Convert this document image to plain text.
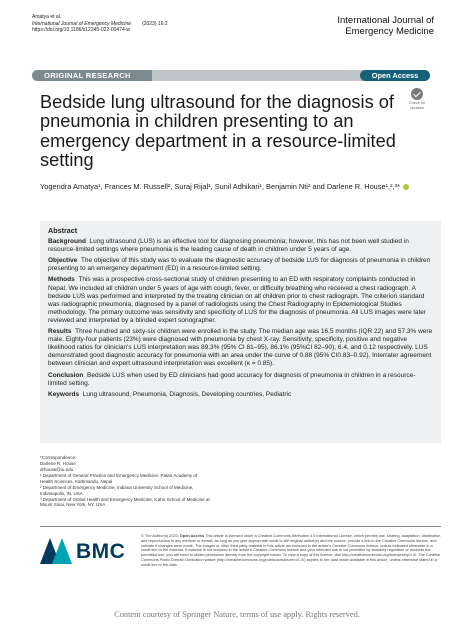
Amatya et al.
International Journal of Emergency Medicine (2023) 16:2
https://doi.org/10.1186/s12245-022-00474-w
International Journal of
Emergency Medicine
ORIGINAL RESEARCH	Open Access
Bedside lung ultrasound for the diagnosis of pneumonia in children presenting to an emergency department in a resource-limited setting
Check for
updates
Yogendra Amatya¹, Frances M. Russell², Suraj Rijal¹, Sunil Adhikari¹, Benjamin Nti² and Darlene R. House¹,²,³*
Abstract
Background Lung ultrasound (LUS) is an effective tool for diagnosing pneumonia; however, this has not been well studied in resource-limited settings where pneumonia is the leading cause of death in children under 5 years of age.
Objective The objective of this study was to evaluate the diagnostic accuracy of bedside LUS for diagnosis of pneumonia in children presenting to an emergency department (ED) in a resource-limited setting.
Methods This was a prospective cross-sectional study of children presenting to an ED with respiratory complaints conducted in Nepal. We included all children under 5 years of age with cough, fever, or difficulty breathing who received a chest radiograph. A bedside LUS was performed and interpreted by the treating clinician on all children prior to chest radiograph. The criterion standard was radiographic pneumonia, diagnosed by a panel of radiologists using the Chest Radiography in Epidemiological Studies methodology. The primary outcome was sensitivity and specificity of LUS for the diagnosis of pneumonia. All LUS images were later reviewed and interpreted by a blinded expert sonographer.
Results Three hundred and sixty-six children were enrolled in the study. The median age was 16.5 months (IQR 22) and 57.3% were male. Eighty-four patients (23%) were diagnosed with pneumonia by chest X-ray. Sensitivity, specificity, positive and negative likelihood ratios for clinician's LUS interpretation was 89.3% (95% CI 81–95), 86.1% (95%CI 82–90), 6.4, and 0.12 respectively. LUS demonstrated good diagnostic accuracy for pneumonia with an area under the curve of 0.88 (95% CI0.83–0.92). Interrater agreement between clinician and expert ultrasound interpretation was excellent (κ = 0.85).
Conclusion Bedside LUS when used by ED clinicians had good accuracy for diagnosis of pneumonia in children in a resource-limited setting.
Keywords Lung ultrasound, Pneumonia, Diagnosis, Developing countries, Pediatric
*Correspondence:
Darlene R. House
drhouse@iu.edu
¹ Department of General Practice and Emergency Medicine, Patan Academy of Health Sciences, Kathmandu, Nepal
² Department of Emergency Medicine, Indiana University School of Medicine, Indianapolis, IN, USA
³ Department of Global Health and Emergency Medicine, Icahn School of Medicine at Mount Sinai, New York, NY, USA
BMC
© The Author(s) 2023. Open Access This article is licensed under a Creative Commons Attribution 4.0 International License, which permits use, sharing, adaptation, distribution and reproduction in any medium or format, as long as you give appropriate credit to the original author(s) and the source, provide a link to the Creative Commons licence, and indicate if changes were made. The images or other third party material in this article are included in the article's Creative Commons licence, unless indicated otherwise in a credit line to the material. If material is not included in the article's Creative Commons licence and your intended use is not permitted by statutory regulation or exceeds the permitted use, you will need to obtain permission directly from the copyright holder. To view a copy of this licence, visit http://creativecommons.org/licenses/by/4.0/. The Creative Commons Public Domain Dedication waiver (http://creativecommons.org/publicdomain/zero/1.0/) applies to the data made available in this article, unless otherwise stated in a credit line to the data.
Content courtesy of Springer Nature, terms of use apply. Rights reserved.
